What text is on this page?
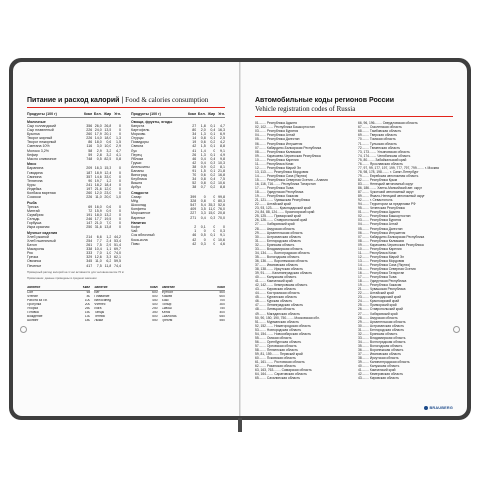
Питание и расход калорий | Food & calories consumption
Продукты (100 г)	Ккал	Бел.	Жир	Угл.
Молочные				
Сыр голландский	356	26,0	26,8	0
Сыр плавленый	226	24,0	13,5	0
Брынза	260	17,9	20,1	0
Творог жирный	226	14,0	18,0	1,3
Творог нежирный	86	18,0	0,6	1,5
Сметана 10%	116	3,0	10,0	2,9
Молоко 3,2%	58	2,9	3,2	4,7
Кефир	59	2,8	3,2	4,1
Масло сливочное	748	0,5	82,5	0,8
Мясо				
Баранина	209	16,3	15,3	0
Говядина	187	18,9	12,4	0
Свинина	357	14,6	33,0	0
Телятина	90	19,7	1,2	0
Куры	241	18,2	18,4	0
Индейка	197	21,6	12,0	0
Колбаса вареная	260	12,0	23,0	0
Сосиски	226	11,0	20,0	1,0
Рыба				
Треска	69	16,0	0,6	0
Минтай	72	15,9	0,9	0
Скумбрия	191	18,0	13,2	0
Сельдь	246	17,7	19,5	0
Горбуша	147	21,0	7,0	0
Икра красная	250	31,6	13,8	0
Мучные изделия				
Хлеб ржаной	214	6,6	1,2	44,2
Хлеб пшеничный	254	7,7	2,4	53,4
Батон	261	7,5	2,9	51,4
Макароны	338	10,4	1,1	69,7
Рис	333	7,0	1,0	74,0
Гречка	329	12,6	3,3	62,1
Овсянка	345	11,0	6,2	59,5
Печенье	417	7,5	11,8	74,4
Продукты (100 г)	Ккал	Бел.	Жир	Угл.
Овощи, фрукты, ягоды				
Капуста	27	1,8	0,1	4,7
Картофель	80	2,0	0,4	16,3
Морковь	34	1,3	0,1	6,9
Огурцы	14	0,8	0,1	2,5
Помидоры	19	0,6	0,2	4,2
Свекла	42	1,5	0,1	8,8
Лук	41	1,4	0	9,1
Перец	26	1,3	0,1	4,9
Яблоки	46	0,4	0,4	9,8
Груши	42	0,4	0,3	10,3
Апельсины	38	0,9	0,2	8,1
Бананы	91	1,5	0,1	21,8
Виноград	70	0,6	0,2	16,8
Клубника	34	0,8	0,4	7,5
Вишня	52	0,8	0,2	10,6
Арбуз	38	0,7	0,2	8,8
Сладости				
Сахар	399	0	0	99,8
Мёд	328	0,8	0	80,3
Шоколад	547	5,4	35,3	52,6
Конфеты	409	3,5	11,0	76,0
Мороженое	227	3,3	15,0	20,8
Варенье	271	0,4	0,3	70,0
Напитки				
Кофе	2	0,1	0	0
Чай	1	0	0	0,3
Сок яблочный	46	0,5	0,1	9,1
Кока-кола	42	0	0	10,6
Пиво	42	0,3	0	4,6
Примерный расход калорий на 1 час активности для человека весом 70 кг
Примечание: данные приведены в среднем значении
Занятие	Ккал
Сон	65
Чтение	80
Работа за ПК	100
Прогулка	200
Уборка	250
Готовка	150
Вождение	130
Шопинг	180
Занятие	Ккал
Бег	600
Плавание	500
Велосипед	450
Фитнес	400
Йога	250
Танцы	350
Теннис	500
Лыжи	550
Занятие	Ккал
Футбол	500
Хоккей	600
Бокс	700
Гольф	300
Сквош	750
Каток	400
Скалолаз.	650
Гребля	550
Автомобильные коды регионов России
Vehicle registration codes of Russia
01........ Республика Адыгея
02, 102........ Республика Башкортостан
03........ Республика Бурятия
04........ Республика Алтай
05........ Республика Дагестан
06........ Республика Ингушетия
07........ Кабардино-Балкарская Республика
08........ Республика Калмыкия
09........ Карачаево-Черкесская Республика
10........ Республика Карелия
11........ Республика Коми
12........ Республика Марий Эл
13, 113........ Республика Мордовия
14........ Республика Саха (Якутия)
15........ Республика Северная Осетия – Алания
16, 116, 716........ Республика Татарстан
17........ Республика Тыва
18........ Удмуртская Республика
19........ Республика Хакасия
21, 121........ Чувашская Республика
22........ Алтайский край
23, 93, 123........ Краснодарский край
24, 84, 88, 124........ Красноярский край
25, 125........ Приморский край
26, 126........ Ставропольский край
27........ Хабаровский край
28........ Амурская область
29........ Архангельская область
30........ Астраханская область
31........ Белгородская область
32........ Брянская область
33........ Владимирская область
34, 134........ Волгоградская область
35........ Вологодская область
36, 136........ Воронежская область
37........ Ивановская область
38, 138........ Иркутская область
39, 91........ Калининградская область
40........ Калужская область
41........ Камчатский край
42, 142........ Кемеровская область
43........ Кировская область
44........ Костромская область
45........ Курганская область
46........ Курская область
47........ Ленинградская область
48........ Липецкая область
49........ Магаданская область
50, 90, 150, 190, 750........ Московская обл.
51........ Мурманская область
52, 152........ Нижегородская область
53........ Новгородская область
54, 154........ Новосибирская область
55........ Омская область
56........ Оренбургская область
57........ Орловская область
58........ Пензенская область
59, 81, 159........ Пермский край
60........ Псковская область
61, 161........ Ростовская область
62........ Рязанская область
63, 163, 763........ Самарская область
64, 164........ Саратовская область
65........ Сахалинская область
66, 96, 196........ Свердловская область
67........ Смоленская область
68........ Тамбовская область
69........ Тверская область
70........ Томская область
71........ Тульская область
72........ Тюменская область
73, 173........ Ульяновская область
74, 174........ Челябинская область
75, 80........ Забайкальский край
76........ Ярославская область
77, 97, 99, 177, 197, 199, 777, 797, 799........ г. Москва
78, 98, 178, 198........ г. Санкт-Петербург
79........ Еврейская автономная область
82........ Республика Крым
83........ Ненецкий автономный округ
86, 186........ Ханты-Мансийский авт. округ
87........ Чукотский автономный округ
89........ Ямало-Ненецкий автономный округ
92........ г. Севастополь
94........ Территории за пределами РФ
95........ Чеченская Республика
01........ Республика Адыгея
02........ Республика Башкортостан
03........ Республика Бурятия
04........ Республика Алтай
05........ Республика Дагестан
06........ Республика Ингушетия
07........ Кабардино-Балкарская Республика
08........ Республика Калмыкия
09........ Карачаево-Черкесская Республика
10........ Республика Карелия
11........ Республика Коми
12........ Республика Марий Эл
13........ Республика Мордовия
14........ Республика Саха (Якутия)
15........ Республика Северная Осетия
16........ Республика Татарстан
17........ Республика Тыва
18........ Удмуртская Республика
19........ Республика Хакасия
21........ Чувашская Республика
22........ Алтайский край
23........ Краснодарский край
24........ Красноярский край
25........ Приморский край
26........ Ставропольский край
27........ Хабаровский край
28........ Амурская область
29........ Архангельская область
30........ Астраханская область
31........ Белгородская область
32........ Брянская область
33........ Владимирская область
34........ Волгоградская область
35........ Вологодская область
36........ Воронежская область
37........ Ивановская область
38........ Иркутская область
39........ Калининградская область
40........ Калужская область
41........ Камчатский край
42........ Кемеровская область
43........ Кировская область
BRAUBERG
